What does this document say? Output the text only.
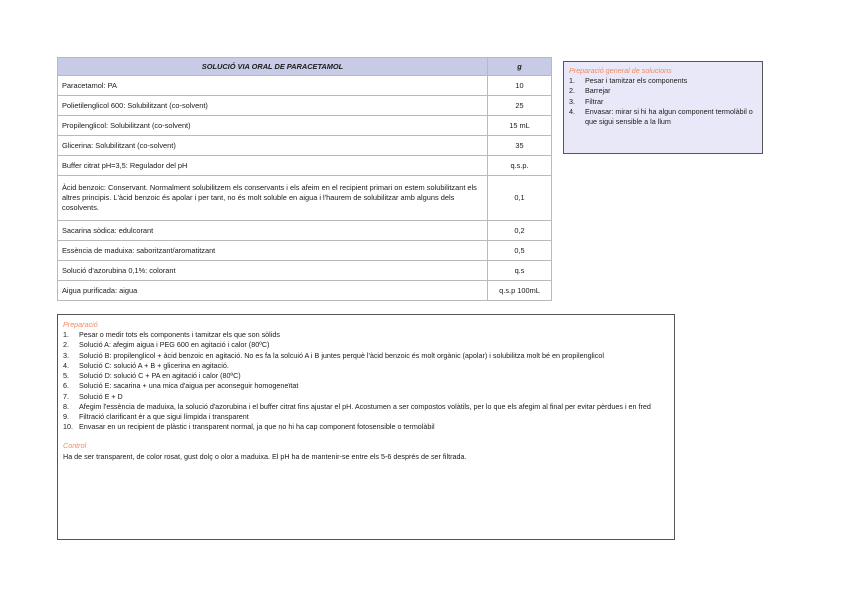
SOLUCIÓ VIA ORAL DE PARACETAMOL	g
Paracetamol: PA	10
Polietilenglicol 600: Solubilitzant (co-solvent)	25
Propilenglicol: Solubilitzant (co-solvent)	15 mL
Glicerina: Solubilitzant (co-solvent)	35
Buffer citrat pH=3,5: Regulador del pH	q.s.p.
Àcid benzoic: Conservant. Normalment solubilitzem els conservants i els afeim en el recipient primari on estem solubilitzant els altres principis. L'àcid benzoic és apolar i per tant, no és molt soluble en aigua i l'haurem de solubilitzar amb alguns dels cosolvents.	0,1
Sacarina sòdica: edulcorant	0,2
Essència de maduixa: saboritzant/aromatitzant	0,5
Solució d'azorubina 0,1%: colorant	q.s
Aigua purificada: aigua	q.s.p 100mL
Preparació general de solucions
1.	Pesar i tamitzar els components
2.	Barrejar
3.	Filtrar
4.	Envasar: mirar si hi ha algun component termolàbil o que sigui sensible a la llum
Preparació
1.	Pesar o medir tots els components i tamitzar els que son sòlids
2.	Solució A: afegim aigua i PEG 600 en agitació i calor (80ºC)
3.	Solució B: propilenglicol + àcid benzoic en agitació. No es fa la solcuió A i B juntes perquè l'àcid benzoic és molt orgànic (apolar) i solubilitza molt bé en propilenglicol
4.	Solució C: solució A + B + glicerina en agitació.
5.	Solució D: solució C + PA en agitació i calor (80ºC)
6.	Solució E: sacarina + una mica d'aigua per aconseguir homogeneïtat
7.	Solució E + D
8.	Afegim l'essència de maduixa, la solució d'azorubina i el buffer citrat fins ajustar el pH. Acostumen a ser compostos volàtils, per lo que els afegim al final per evitar pèrdues i en fred
9.	Filtració clarificant èr a que sigui límpida i transparent
10. Envasar en un recipient de plàstic i transparent normal, ja que no hi ha cap component fotosensible o termolàbil
Control
Ha de ser transparent, de color rosat, gust dolç o olor a maduixa. El pH ha de mantenir-se entre els 5-6 després de ser filtrada.
